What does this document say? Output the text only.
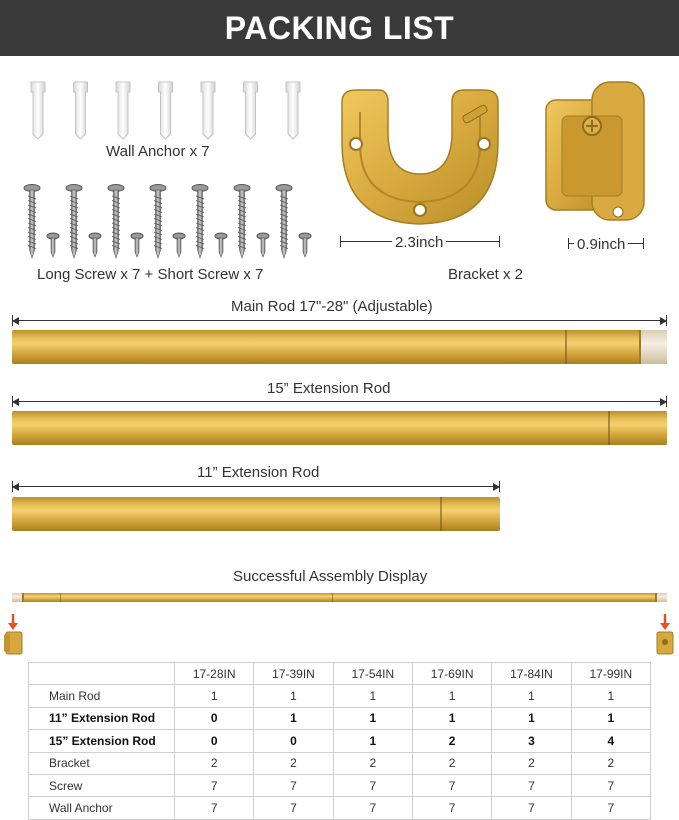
PACKING LIST
Wall Anchor x 7
Long Screw x 7 + Short Screw x 7
2.3inch	0.9inch
Bracket x 2
Main Rod 17"-28" (Adjustable)
15” Extension Rod
11” Extension Rod
Successful Assembly Display
	17-28IN	17-39IN	17-54IN	17-69IN	17-84IN	17-99IN
Main Rod	1	1	1	1	1	1
11” Extension Rod	0	1	1	1	1	1
15” Extension Rod	0	0	1	2	3	4
Bracket	2	2	2	2	2	2
Screw	7	7	7	7	7	7
Wall Anchor	7	7	7	7	7	7
